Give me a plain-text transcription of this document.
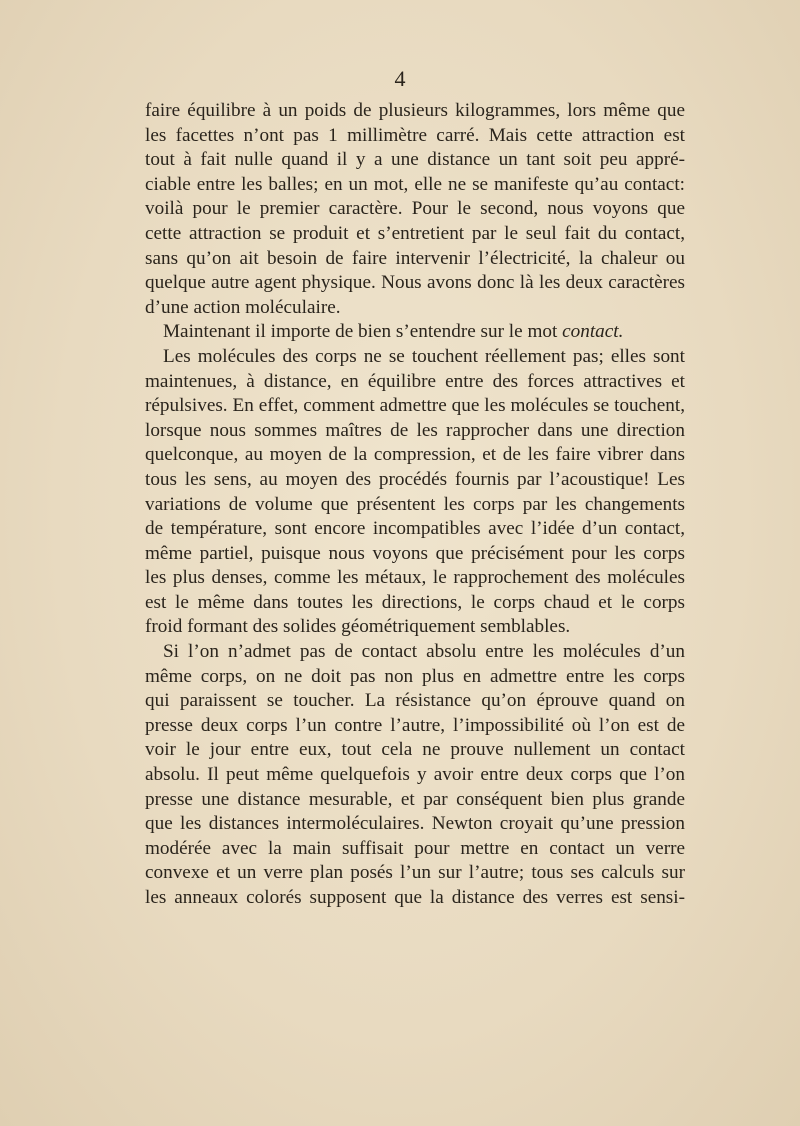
4
faire équilibre à un poids de plusieurs kilogrammes, lors même que
les facettes n’ont pas 1 millimètre carré. Mais cette attraction est
tout à fait nulle quand il y a une distance un tant soit peu appré-
ciable entre les balles; en un mot, elle ne se manifeste qu’au contact:
voilà pour le premier caractère. Pour le second, nous voyons que
cette attraction se produit et s’entretient par le seul fait du contact,
sans qu’on ait besoin de faire intervenir l’électricité, la chaleur ou
quelque autre agent physique. Nous avons donc là les deux caractères
d’une action moléculaire.
Maintenant il importe de bien s’entendre sur le mot contact.
Les molécules des corps ne se touchent réellement pas; elles sont
maintenues, à distance, en équilibre entre des forces attractives et
répulsives. En effet, comment admettre que les molécules se touchent,
lorsque nous sommes maîtres de les rapprocher dans une direction
quelconque, au moyen de la compression, et de les faire vibrer dans
tous les sens, au moyen des procédés fournis par l’acoustique! Les
variations de volume que présentent les corps par les changements
de température, sont encore incompatibles avec l’idée d’un contact,
même partiel, puisque nous voyons que précisément pour les corps
les plus denses, comme les métaux, le rapprochement des molécules
est le même dans toutes les directions, le corps chaud et le corps
froid formant des solides géométriquement semblables.
Si l’on n’admet pas de contact absolu entre les molécules d’un
même corps, on ne doit pas non plus en admettre entre les corps
qui paraissent se toucher. La résistance qu’on éprouve quand on
presse deux corps l’un contre l’autre, l’impossibilité où l’on est de
voir le jour entre eux, tout cela ne prouve nullement un contact
absolu. Il peut même quelquefois y avoir entre deux corps que l’on
presse une distance mesurable, et par conséquent bien plus grande
que les distances intermoléculaires. Newton croyait qu’une pression
modérée avec la main suffisait pour mettre en contact un verre
convexe et un verre plan posés l’un sur l’autre; tous ses calculs sur
les anneaux colorés supposent que la distance des verres est sensi-
